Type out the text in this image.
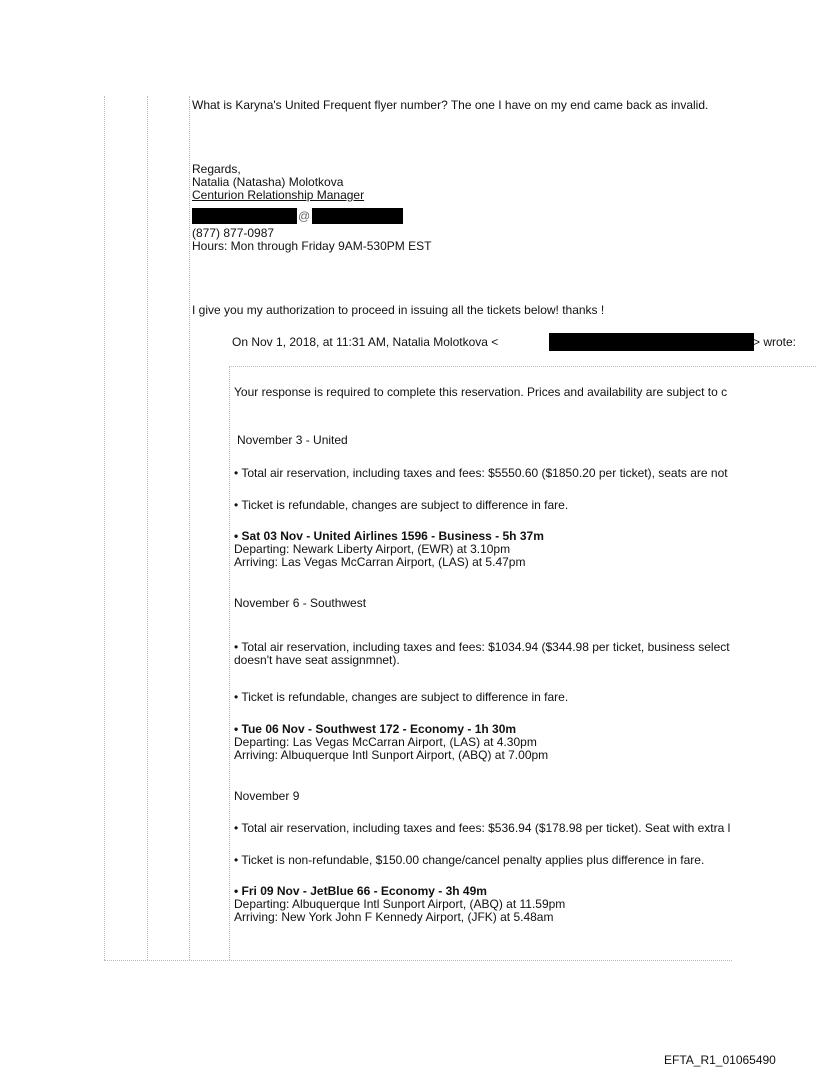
What is Karyna's United Frequent flyer number? The one I have on my end came back as invalid.
Regards,
Natalia (Natasha) Molotkova
Centurion Relationship Manager
@
(877) 877-0987
Hours: Mon through Friday 9AM-530PM EST
I give you my authorization to proceed in issuing all the tickets below! thanks !
On Nov 1, 2018, at 11:31 AM, Natalia Molotkova <	> wrote:
Your response is required to complete this reservation. Prices and availability are subject to c
November 3 - United
• Total air reservation, including taxes and fees: $5550.60 ($1850.20 per ticket), seats are not
• Ticket is refundable, changes are subject to difference in fare.
• Sat 03 Nov - United Airlines 1596 - Business - 5h 37m
Departing: Newark Liberty Airport, (EWR) at 3.10pm
Arriving: Las Vegas McCarran Airport, (LAS) at 5.47pm
November 6 - Southwest
• Total air reservation, including taxes and fees: $1034.94 ($344.98 per ticket, business select
doesn't have seat assignmnet).
• Ticket is refundable, changes are subject to difference in fare.
• Tue 06 Nov - Southwest 172 - Economy - 1h 30m
Departing: Las Vegas McCarran Airport, (LAS) at 4.30pm
Arriving: Albuquerque Intl Sunport Airport, (ABQ) at 7.00pm
November 9
• Total air reservation, including taxes and fees: $536.94 ($178.98 per ticket). Seat with extra l
• Ticket is non-refundable, $150.00 change/cancel penalty applies plus difference in fare.
• Fri 09 Nov - JetBlue 66 - Economy - 3h 49m
Departing: Albuquerque Intl Sunport Airport, (ABQ) at 11.59pm
Arriving: New York John F Kennedy Airport, (JFK) at 5.48am
EFTA_R1_01065490
